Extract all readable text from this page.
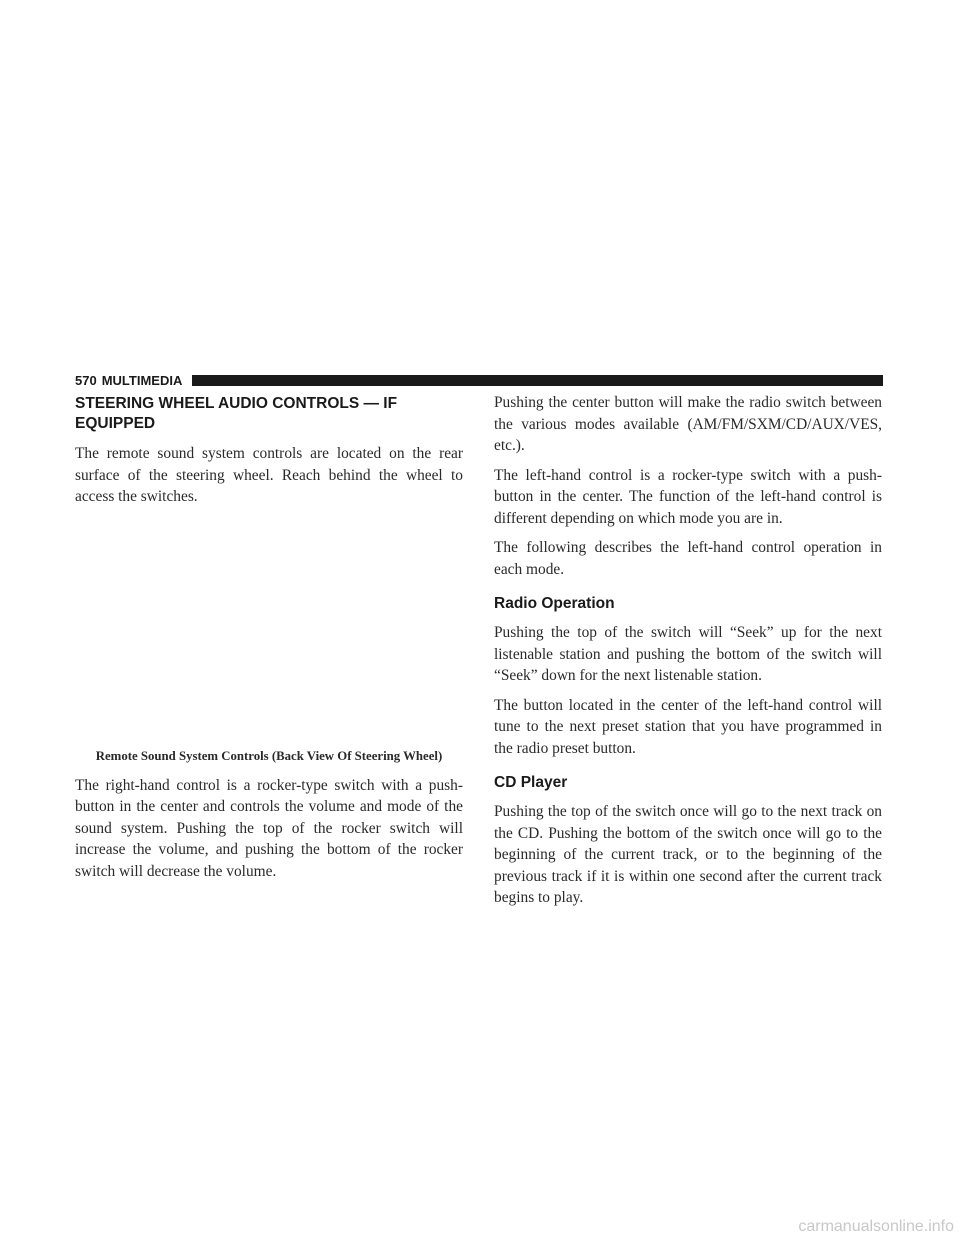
570 MULTIMEDIA
STEERING WHEEL AUDIO CONTROLS — IF EQUIPPED

The remote sound system controls are located on the rear surface of the steering wheel. Reach behind the wheel to access the switches.

Remote Sound System Controls (Back View Of Steering Wheel)

The right-hand control is a rocker-type switch with a push-button in the center and controls the volume and mode of the sound system. Pushing the top of the rocker switch will increase the volume, and pushing the bottom of the rocker switch will decrease the volume.

Pushing the center button will make the radio switch between the various modes available (AM/FM/SXM/CD/AUX/VES, etc.).

The left-hand control is a rocker-type switch with a push-button in the center. The function of the left-hand control is different depending on which mode you are in.

The following describes the left-hand control operation in each mode.

Radio Operation

Pushing the top of the switch will “Seek” up for the next listenable station and pushing the bottom of the switch will “Seek” down for the next listenable station.

The button located in the center of the left-hand control will tune to the next preset station that you have programmed in the radio preset button.

CD Player

Pushing the top of the switch once will go to the next track on the CD. Pushing the bottom of the switch once will go to the beginning of the current track, or to the beginning of the previous track if it is within one second after the current track begins to play.

carmanualsonline.info
